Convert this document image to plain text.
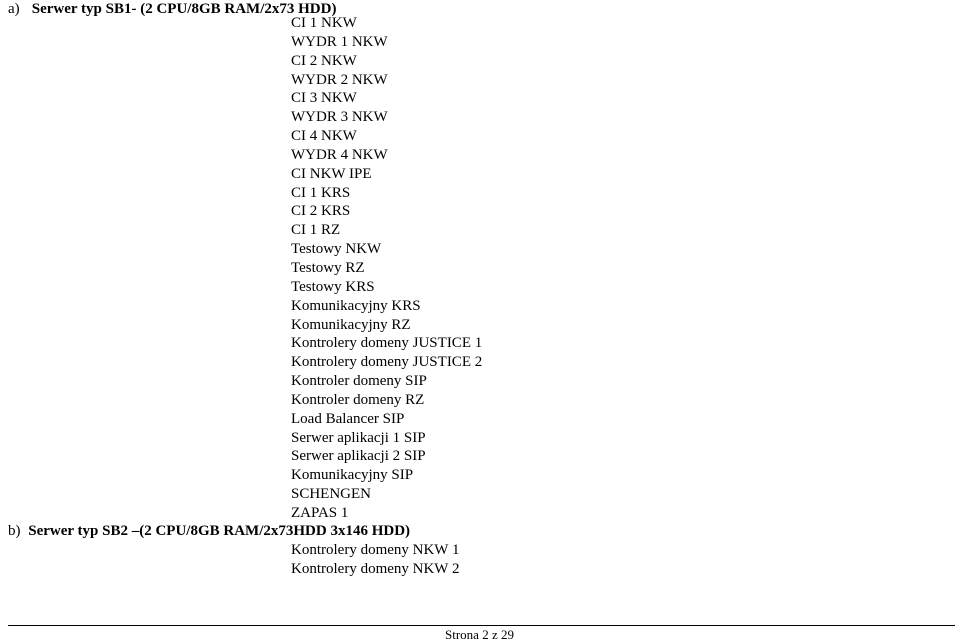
a) Serwer typ SB1- (2 CPU/8GB RAM/2x73 HDD)
CI 1 NKW
WYDR 1 NKW
CI 2 NKW
WYDR 2 NKW
CI 3 NKW
WYDR 3 NKW
CI 4 NKW
WYDR 4 NKW
CI NKW IPE
CI 1 KRS
CI 2 KRS
CI 1 RZ
Testowy NKW
Testowy RZ
Testowy KRS
Komunikacyjny KRS
Komunikacyjny RZ
Kontrolery domeny JUSTICE 1
Kontrolery domeny JUSTICE 2
Kontroler domeny SIP
Kontroler domeny RZ
Load Balancer SIP
Serwer aplikacji 1 SIP
Serwer aplikacji 2 SIP
Komunikacyjny SIP
SCHENGEN
ZAPAS 1
b) Serwer typ SB2 –(2 CPU/8GB RAM/2x73HDD 3x146 HDD)
Kontrolery domeny NKW 1
Kontrolery domeny NKW 2
Strona 2 z 29
